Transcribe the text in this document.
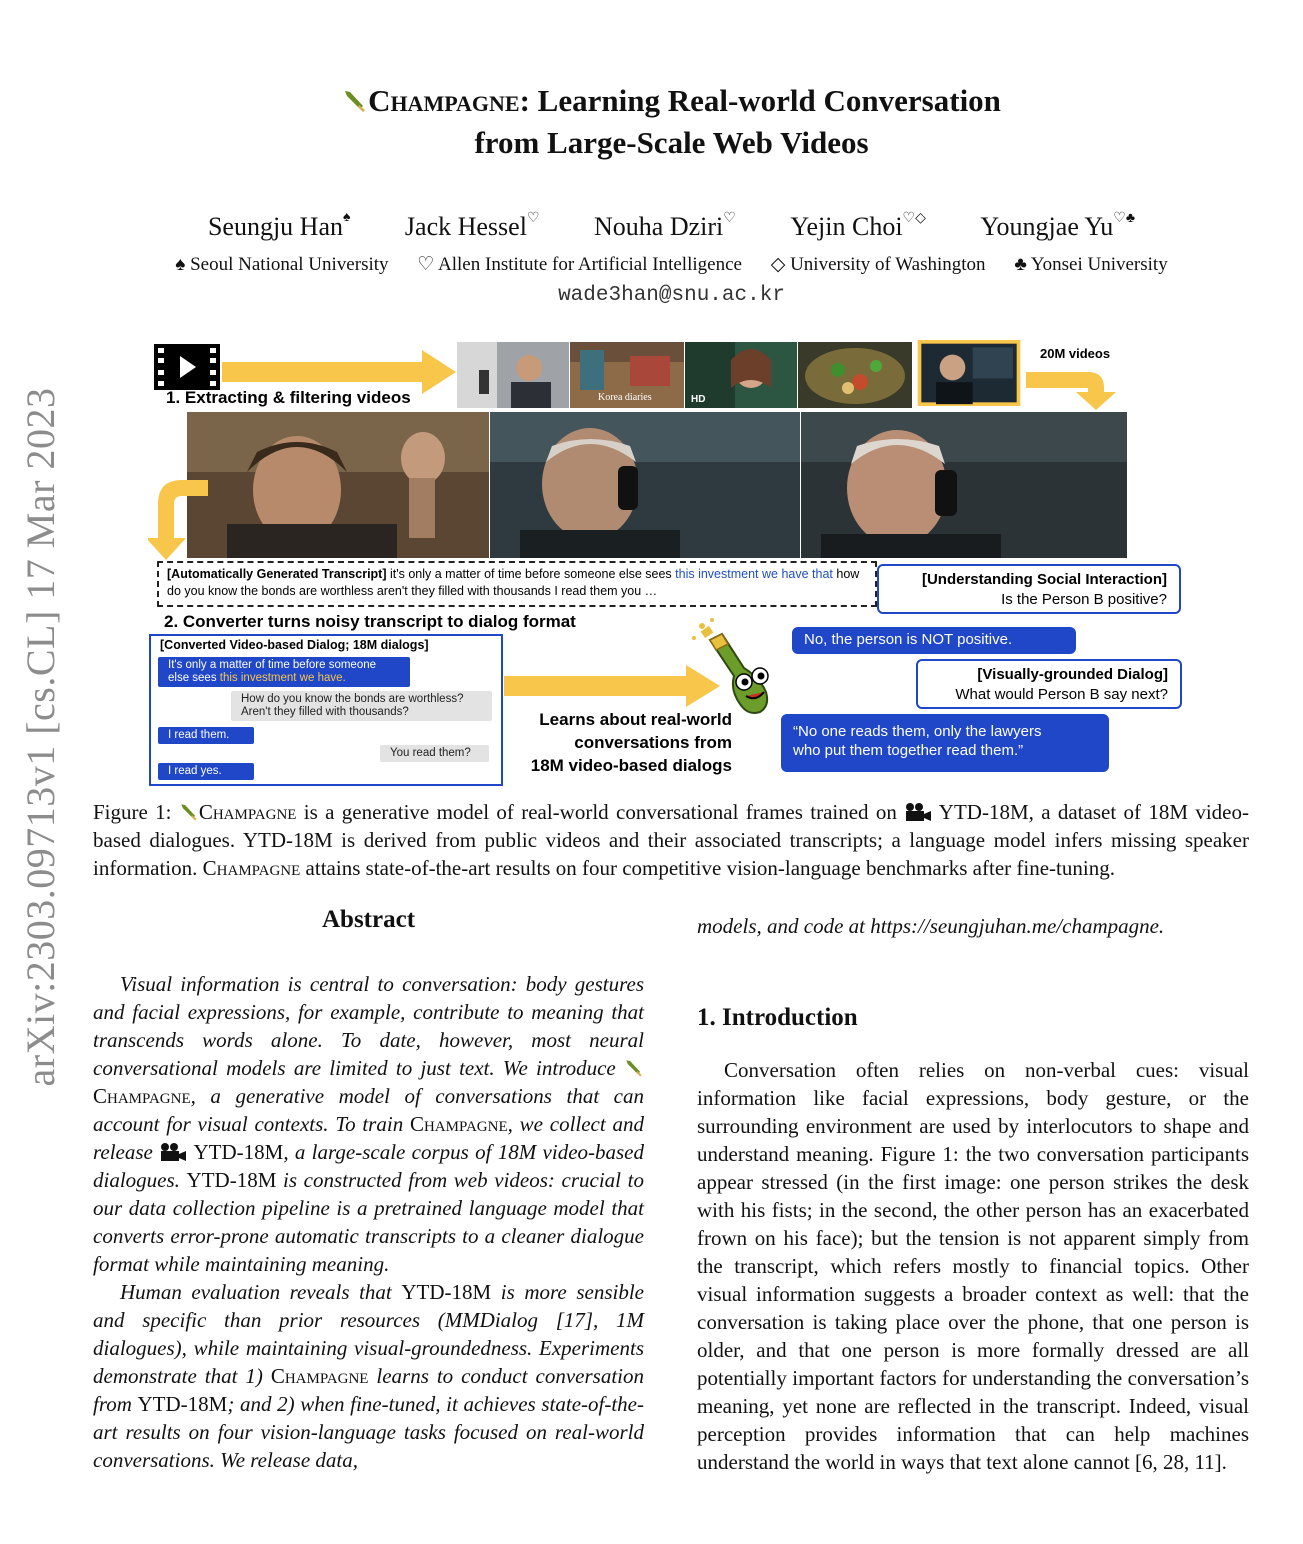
arXiv:2303.09713v1 [cs.CL] 17 Mar 2023
Champagne: Learning Real-world Conversation
from Large-Scale Web Videos
Seungju Han♠ Jack Hessel♡ Nouha Dziri♡ Yejin Choi♡◇ Youngjae Yu♡♣
♠ Seoul National University ♡ Allen Institute for Artificial Intelligence ◇ University of Washington ♣ Yonsei University
wade3han@snu.ac.kr
1. Extracting & filtering videos	Korea diaries	HD
20M videos
[Automatically Generated Transcript] it's only a matter of time before someone else sees this investment we have that how do you know the bonds are worthless aren't they filled with thousands I read them you …
2. Converter turns noisy transcript to dialog format
[Converted Video-based Dialog; 18M dialogs]
It's only a matter of time before someone
else sees this investment we have.
How do you know the bonds are worthless?
Aren't they filled with thousands?
I read them.
You read them?
I read yes.
Learns about real-world
conversations from
18M video-based dialogs
[Understanding Social Interaction]
Is the Person B positive?
No, the person is NOT positive.
[Visually-grounded Dialog]
What would Person B say next?
“No one reads them, only the lawyers
who put them together read them.”
Figure 1: Champagne is a generative model of real-world conversational frames trained on  YTD-18M, a dataset of 18M video-based dialogues. YTD-18M is derived from public videos and their associated transcripts; a language model infers missing speaker information. Champagne attains state-of-the-art results on four competitive vision-language benchmarks after fine-tuning.
Abstract

Visual information is central to conversation: body gestures and facial expressions, for example, contribute to meaning that transcends words alone. To date, however, most neural conversational models are limited to just text. We introduce Champagne, a generative model of conversations that can account for visual contexts. To train Champagne, we collect and release  YTD-18M, a large-scale corpus of 18M video-based dialogues. YTD-18M is constructed from web videos: crucial to our data collection pipeline is a pretrained language model that converts error-prone automatic transcripts to a cleaner dialogue format while maintaining meaning.

Human evaluation reveals that YTD-18M is more sensible and specific than prior resources (MMDialog [17], 1M dialogues), while maintaining visual-groundedness. Experiments demonstrate that 1) Champagne learns to conduct conversation from YTD-18M; and 2) when fine-tuned, it achieves state-of-the-art results on four vision-language tasks focused on real-world conversations. We release data,

models, and code at https://seungjuhan.me/champagne.
1. Introduction

Conversation often relies on non-verbal cues: visual information like facial expressions, body gesture, or the surrounding environment are used by interlocutors to shape and understand meaning. Figure 1: the two conversation participants appear stressed (in the first image: one person strikes the desk with his fists; in the second, the other person has an exacerbated frown on his face); but the tension is not apparent simply from the transcript, which refers mostly to financial topics. Other visual information suggests a broader context as well: that the conversation is taking place over the phone, that one person is older, and that one person is more formally dressed are all potentially important factors for understanding the conversation’s meaning, yet none are reflected in the transcript. Indeed, visual perception provides information that can help machines understand the world in ways that text alone cannot [6, 28, 11].
